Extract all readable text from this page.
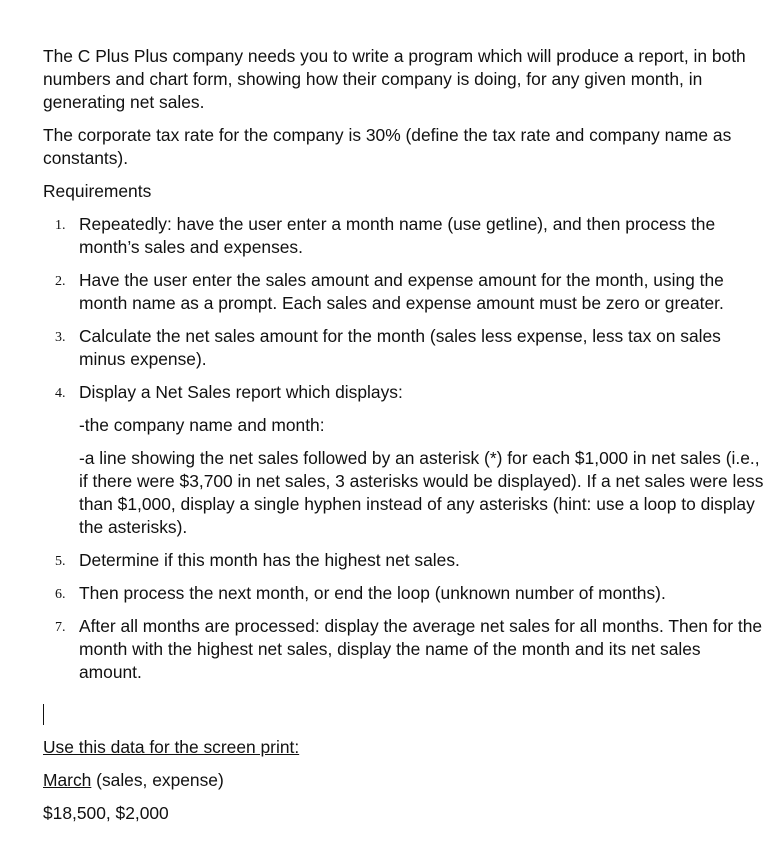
The C Plus Plus company needs you to write a program which will produce a report, in both numbers and chart form, showing how their company is doing, for any given month, in generating net sales.

The corporate tax rate for the company is 30% (define the tax rate and company name as constants).

Requirements

1. Repeatedly: have the user enter a month name (use getline), and then process the month’s sales and expenses.
2. Have the user enter the sales amount and expense amount for the month, using the month name as a prompt. Each sales and expense amount must be zero or greater.
3. Calculate the net sales amount for the month (sales less expense, less tax on sales minus expense).
4. Display a Net Sales report which displays:
-the company name and month:
-a line showing the net sales followed by an asterisk (*) for each $1,000 in net sales (i.e., if there were $3,700 in net sales, 3 asterisks would be displayed). If a net sales were less than $1,000, display a single hyphen instead of any asterisks (hint: use a loop to display the asterisks).
5. Determine if this month has the highest net sales.
6. Then process the next month, or end the loop (unknown number of months).
7. After all months are processed: display the average net sales for all months. Then for the month with the highest net sales, display the name of the month and its net sales amount.

Use this data for the screen print:

March (sales, expense)

$18,500, $2,000
